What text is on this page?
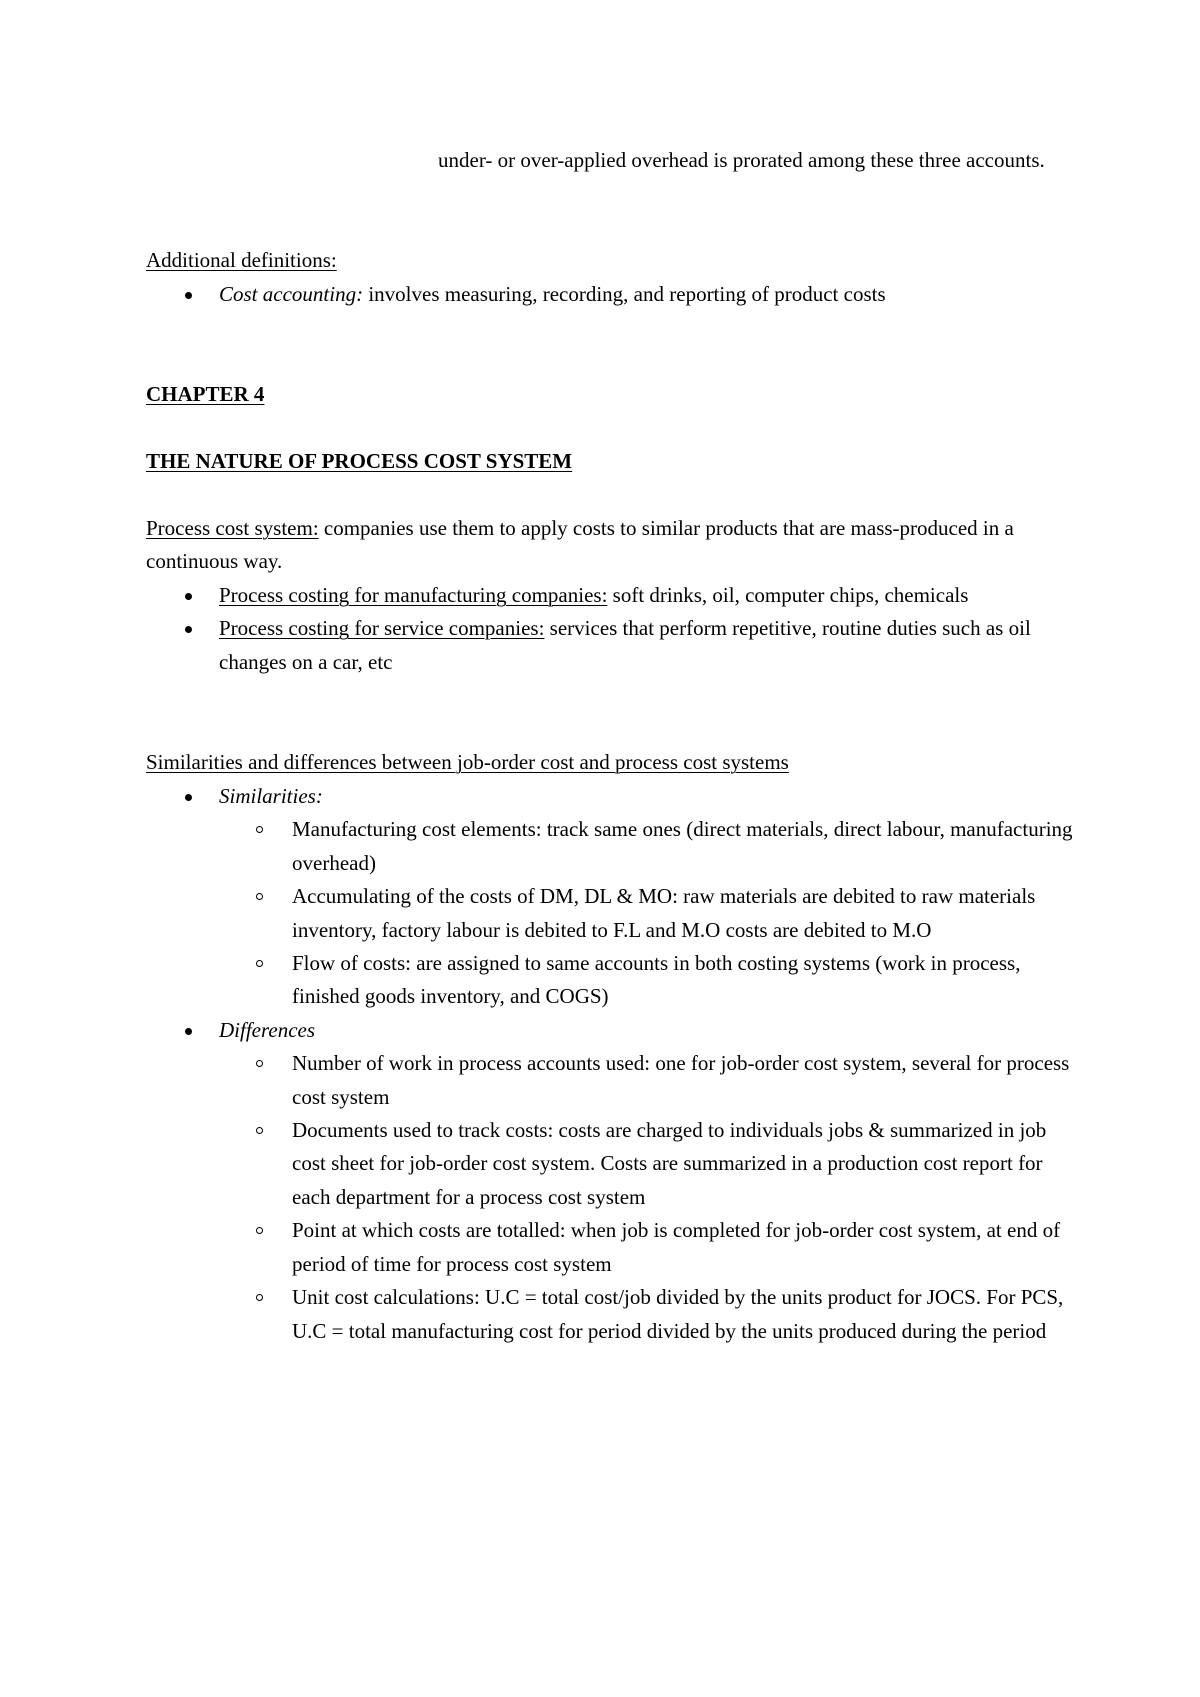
under- or over-applied overhead is prorated among these three accounts.

Additional definitions:
Cost accounting: involves measuring, recording, and reporting of product costs
CHAPTER 4
THE NATURE OF PROCESS COST SYSTEM

Process cost system: companies use them to apply costs to similar products that are mass-produced in a continuous way.

Process costing for manufacturing companies: soft drinks, oil, computer chips, chemicals
Process costing for service companies: services that perform repetitive, routine duties such as oil changes on a car, etc
Similarities and differences between job-order cost and process cost systems
Similarities:
Manufacturing cost elements: track same ones (direct materials, direct labour, manufacturing overhead)
Accumulating of the costs of DM, DL & MO: raw materials are debited to raw materials inventory, factory labour is debited to F.L and M.O costs are debited to M.O
Flow of costs: are assigned to same accounts in both costing systems (work in process, finished goods inventory, and COGS)
Differences
Number of work in process accounts used: one for job-order cost system, several for process cost system
Documents used to track costs: costs are charged to individuals jobs & summarized in job cost sheet for job-order cost system. Costs are summarized in a production cost report for each department for a process cost system
Point at which costs are totalled: when job is completed for job-order cost system, at end of period of time for process cost system
Unit cost calculations: U.C = total cost/job divided by the units product for JOCS. For PCS, U.C = total manufacturing cost for period divided by the units produced during the period
